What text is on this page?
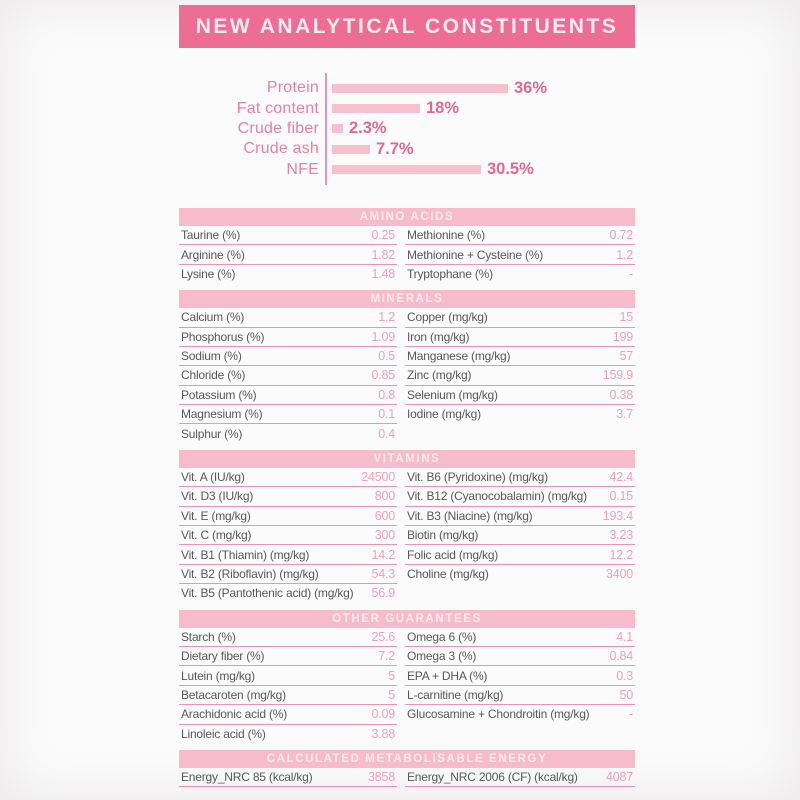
NEW ANALYTICAL CONSTITUENTS
Protein	36%
Fat content	18%
Crude fiber 2.3%
Crude ash	7.7%
NFE	30.5%
AMINO ACIDS
Taurine (%)	0.25 Methionine (%)	0.72
Arginine (%)	1.82 Methionine + Cysteine (%)	1.2
Lysine (%)	1.48 Tryptophane (%)	-
MINERALS
Calcium (%)	1.2 Copper (mg/kg)	15
Phosphorus (%)	1.09 Iron (mg/kg)	199
Sodium (%)	0.5 Manganese (mg/kg)	57
Chloride (%)	0.85 Zinc (mg/kg)	159.9
Potassium (%)	0.8 Selenium (mg/kg)	0.38
Magnesium (%)	0.1 Iodine (mg/kg)	3.7
Sulphur (%)	0.4
VITAMINS
Vit. A (IU/kg)	24500 Vit. B6 (Pyridoxine) (mg/kg)	42.4
Vit. D3 (IU/kg)	800 Vit. B12 (Cyanocobalamin) (mg/kg) 0.15
Vit. E (mg/kg)	600 Vit. B3 (Niacine) (mg/kg)	193.4
Vit. C (mg/kg)	300 Biotin (mg/kg)	3.23
Vit. B1 (Thiamin) (mg/kg)	14.2 Folic acid (mg/kg)	12.2
Vit. B2 (Riboflavin) (mg/kg)	54.3 Choline (mg/kg)	3400
Vit. B5 (Pantothenic acid) (mg/kg) 56.9
OTHER GUARANTEES
Starch (%)	25.6 Omega 6 (%)	4.1
Dietary fiber (%)	7.2 Omega 3 (%)	0.84
Lutein (mg/kg)	5 EPA + DHA (%)	0.3
Betacaroten (mg/kg)	5 L-carnitine (mg/kg)	50
Arachidonic acid (%)	0.09 Glucosamine + Chondroitin (mg/kg)	-
Linoleic acid (%)	3.88
CALCULATED METABOLISABLE ENERGY
Energy_NRC 85 (kcal/kg)	3858 Energy_NRC 2006 (CF) (kcal/kg) 4087
